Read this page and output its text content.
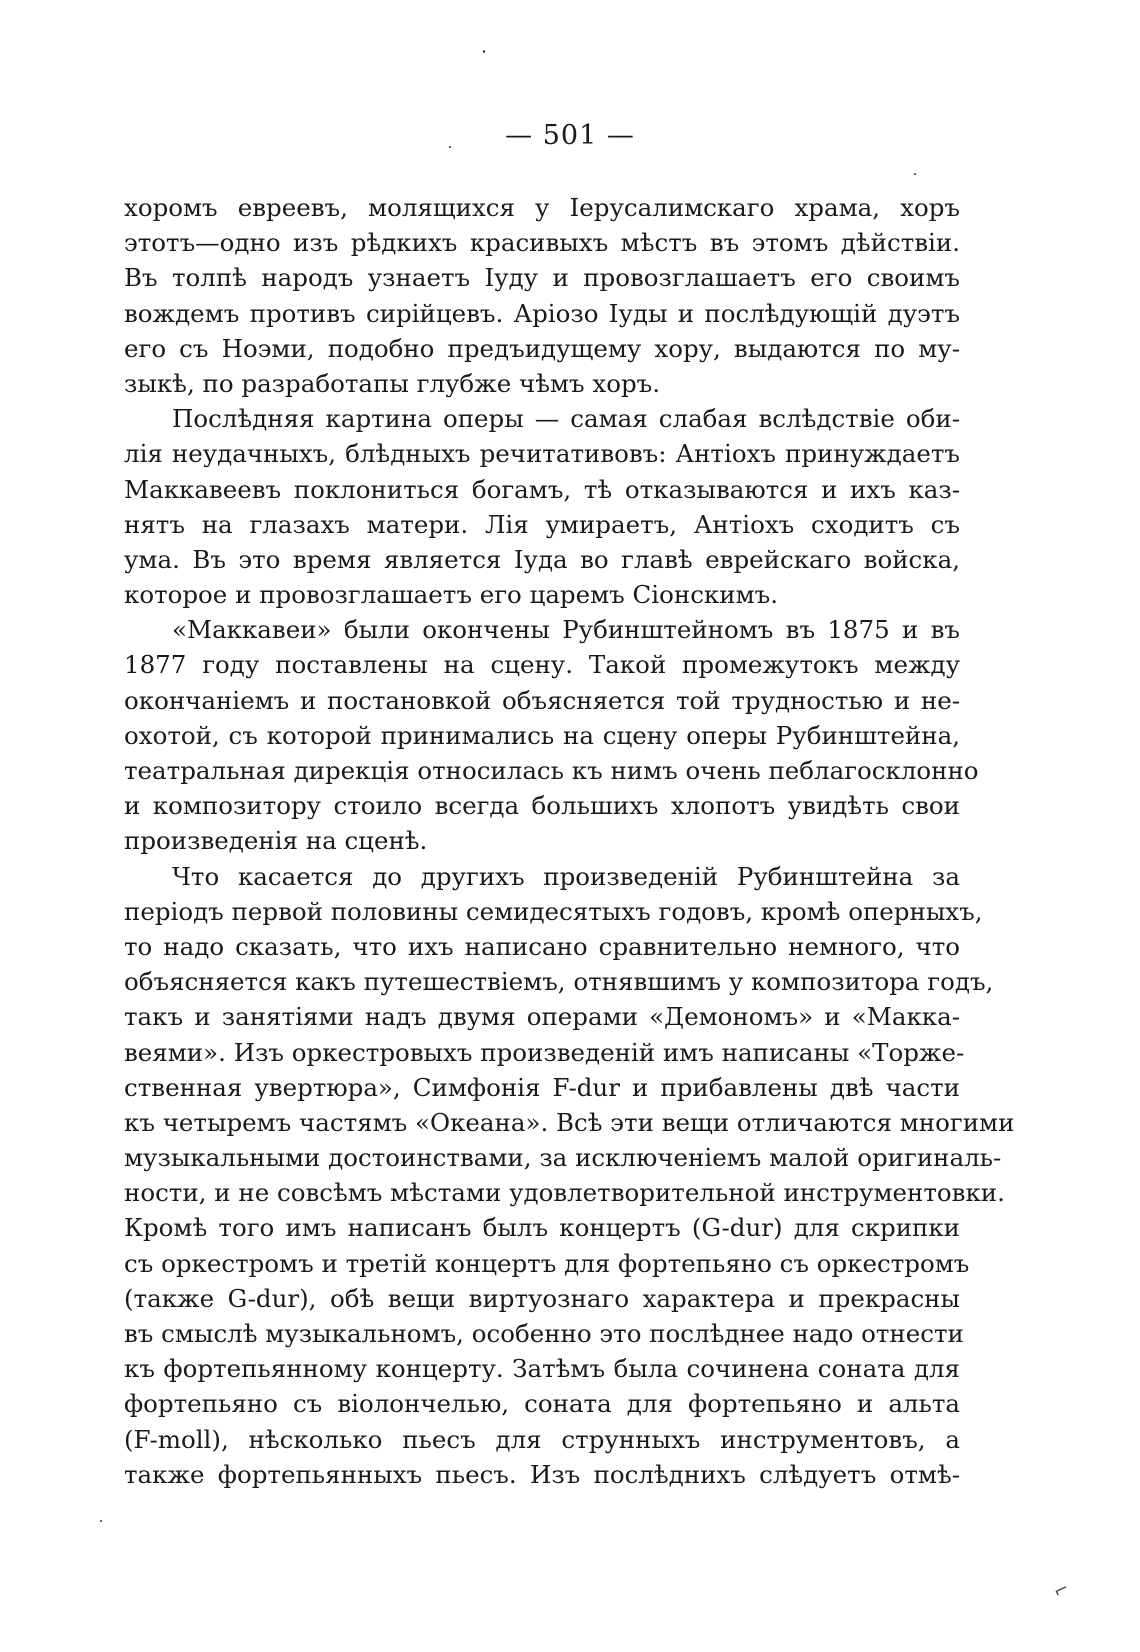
— 501 —
хоромъ евреевъ, молящихся у Іерусалимскаго храма, хоръ
этотъ—одно изъ рѣдкихъ красивыхъ мѣстъ въ этомъ дѣйствіи.
Въ толпѣ народъ узнаетъ Іуду и провозглашаетъ его своимъ
вождемъ противъ сирійцевъ. Аріозо Іуды и послѣдующій дуэтъ
его съ Ноэми, подобно предъидущему хору, выдаются по му-
зыкѣ, по разработапы глубже чѣмъ хоръ.
Послѣдняя картина оперы — самая слабая вслѣдствіе оби-
лія неудачныхъ, блѣдныхъ речитативовъ: Антіохъ принуждаетъ
Маккавеевъ поклониться богамъ, тѣ отказываются и ихъ каз-
нятъ на глазахъ матери. Лія умираетъ, Антіохъ сходитъ съ
ума. Въ это время является Іуда во главѣ еврейскаго войска,
которое и провозглашаетъ его царемъ Сіонскимъ.
«Маккавеи» были окончены Рубинштейномъ въ 1875 и въ
1877 году поставлены на сцену. Такой промежутокъ между
окончаніемъ и постановкой объясняется той трудностью и не-
охотой, съ которой принимались на сцену оперы Рубинштейна,
театральная дирекція относилась къ нимъ очень пеблагосклонно
и композитору стоило всегда большихъ хлопотъ увидѣть свои
произведенія на сценѣ.
Что касается до другихъ произведеній Рубинштейна за
періодъ первой половины семидесятыхъ годовъ, кромѣ оперныхъ,
то надо сказать, что ихъ написано сравнительно немного, что
объясняется какъ путешествіемъ, отнявшимъ у композитора годъ,
такъ и занятіями надъ двумя операми «Демономъ» и «Макка-
веями». Изъ оркестровыхъ произведеній имъ написаны «Торже-
ственная увертюра», Симфонія F-dur и прибавлены двѣ части
къ четыремъ частямъ «Океана». Всѣ эти вещи отличаются многими
музыкальными достоинствами, за исключеніемъ малой оригиналь-
ности, и не совсѣмъ мѣстами удовлетворительной инструментовки.
Кромѣ того имъ написанъ былъ концертъ (G-dur) для скрипки
съ оркестромъ и третій концертъ для фортепьяно съ оркестромъ
(также G-dur), обѣ вещи виртуознаго характера и прекрасны
въ смыслѣ музыкальномъ, особенно это послѣднее надо отнести
къ фортепьянному концерту. Затѣмъ была сочинена соната для
фортепьяно съ віолончелью, соната для фортепьяно и альта
(F-moll), нѣсколько пьесъ для струнныхъ инструментовъ, а
также фортепьянныхъ пьесъ. Изъ послѣднихъ слѣдуетъ отмѣ-
⌐
